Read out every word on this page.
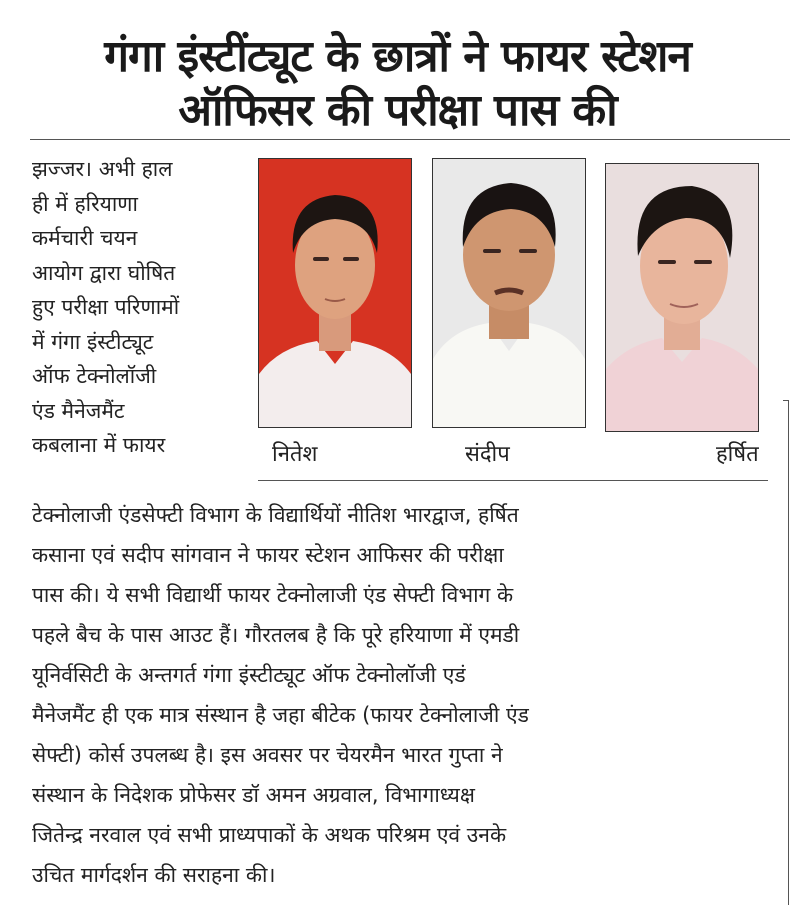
गंगा इंस्टींट्यूट के छात्रों ने फायर स्टेशन
ऑफिसर की परीक्षा पास की
झज्जर। अभी हाल
ही में हरियाणा
कर्मचारी चयन
आयोग द्वारा घोषित
हुए परीक्षा परिणामों
में गंगा इंस्टीट्यूट
ऑफ टेक्नोलॉजी
एंड मैनेजमैंट
कबलाना में फायर	नितेश	संदीप	हर्षित
टेक्नोलाजी एंडसेफ्टी विभाग के विद्यार्थियों नीतिश भारद्वाज, हर्षित
कसाना एवं सदीप सांगवान ने फायर स्टेशन आफिसर की परीक्षा
पास की। ये सभी विद्यार्थी फायर टेक्नोलाजी एंड सेफ्टी विभाग के
पहले बैच के पास आउट हैं। गौरतलब है कि पूरे हरियाणा में एमडी
यूनिर्वसिटी के अन्तगर्त गंगा इंस्टीट्यूट ऑफ टेक्नोलॉजी एडं
मैनेजमैंट ही एक मात्र संस्थान है जहा बीटेक (फायर टेक्नोलाजी एंड
सेफ्टी) कोर्स उपलब्ध है। इस अवसर पर चेयरमैन भारत गुप्ता ने
संस्थान के निदेशक प्रोफेसर डॉ अमन अग्रवाल, विभागाध्यक्ष
जितेन्द्र नरवाल एवं सभी प्राध्यपाकों के अथक परिश्रम एवं उनके
उचित मार्गदर्शन की सराहना की।
